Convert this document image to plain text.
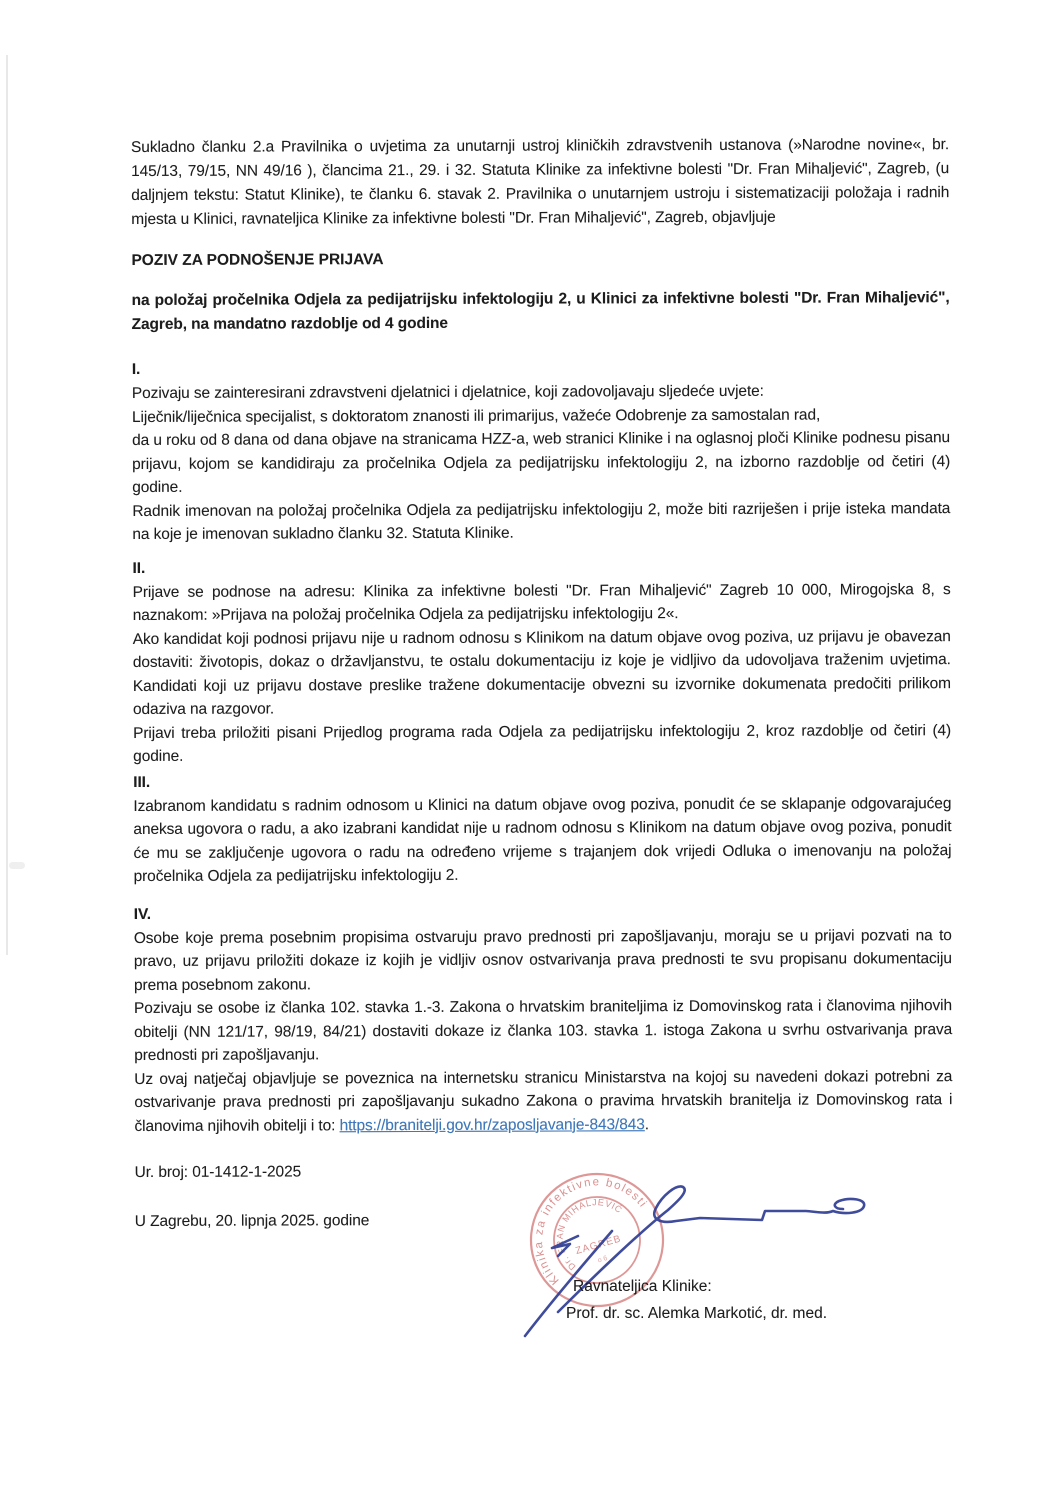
Sukladno članku 2.a Pravilnika o uvjetima za unutarnji ustroj kliničkih zdravstvenih ustanova (»Narodne novine«, br. 145/13, 79/15, NN 49/16 ), člancima 21., 29. i 32. Statuta Klinike za infektivne bolesti "Dr. Fran Mihaljević", Zagreb, (u daljnjem tekstu: Statut Klinike), te članku 6. stavak 2. Pravilnika o unutarnjem ustroju i sistematizaciji položaja i radnih mjesta u Klinici, ravnateljica Klinike za infektivne bolesti "Dr. Fran Mihaljević", Zagreb, objavljuje

POZIV ZA PODNOŠENJE PRIJAVA

na položaj pročelnika Odjela za pedijatrijsku infektologiju 2, u Klinici za infektivne bolesti "Dr. Fran Mihaljević", Zagreb, na mandatno razdoblje od 4 godine

I.

Pozivaju se zainteresirani zdravstveni djelatnici i djelatnice, koji zadovoljavaju sljedeće uvjete:

Liječnik/liječnica specijalist, s doktoratom znanosti ili primarijus, važeće Odobrenje za samostalan rad,

da u roku od 8 dana od dana objave na stranicama HZZ-a, web stranici Klinike i na oglasnoj ploči Klinike podnesu pisanu prijavu, kojom se kandidiraju za pročelnika Odjela za pedijatrijsku infektologiju 2, na izborno razdoblje od četiri (4) godine.

Radnik imenovan na položaj pročelnika Odjela za pedijatrijsku infektologiju 2, može biti razriješen i prije isteka mandata na koje je imenovan sukladno članku 32. Statuta Klinike.

II.

Prijave se podnose na adresu: Klinika za infektivne bolesti "Dr. Fran Mihaljević" Zagreb 10 000, Mirogojska 8, s naznakom: »Prijava na položaj pročelnika Odjela za pedijatrijsku infektologiju 2«.

Ako kandidat koji podnosi prijavu nije u radnom odnosu s Klinikom na datum objave ovog poziva, uz prijavu je obavezan dostaviti: životopis, dokaz o državljanstvu, te ostalu dokumentaciju iz koje je vidljivo da udovoljava traženim uvjetima. Kandidati koji uz prijavu dostave preslike tražene dokumentacije obvezni su izvornike dokumenata predočiti prilikom odaziva na razgovor.

Prijavi treba priložiti pisani Prijedlog programa rada Odjela za pedijatrijsku infektologiju 2, kroz razdoblje od četiri (4) godine.

III.

Izabranom kandidatu s radnim odnosom u Klinici na datum objave ovog poziva, ponudit će se sklapanje odgovarajućeg aneksa ugovora o radu, a ako izabrani kandidat nije u radnom odnosu s Klinikom na datum objave ovog poziva, ponudit će mu se zaključenje ugovora o radu na određeno vrijeme s trajanjem dok vrijedi Odluka o imenovanju na položaj pročelnika Odjela za pedijatrijsku infektologiju 2.

IV.

Osobe koje prema posebnim propisima ostvaruju pravo prednosti pri zapošljavanju, moraju se u prijavi pozvati na to pravo, uz prijavu priložiti dokaze iz kojih je vidljiv osnov ostvarivanja prava prednosti te svu propisanu dokumentaciju prema posebnom zakonu.

Pozivaju se osobe iz članka 102. stavka 1.-3. Zakona o hrvatskim braniteljima iz Domovinskog rata i članovima njihovih obitelji (NN 121/17, 98/19, 84/21) dostaviti dokaze iz članka 103. stavka 1. istoga Zakona u svrhu ostvarivanja prava prednosti pri zapošljavanju.

Uz ovaj natječaj objavljuje se poveznica na internetsku stranicu Ministarstva na kojoj su navedeni dokazi potrebni za ostvarivanje prava prednosti pri zapošljavanju sukadno Zakona o pravima hrvatskih branitelja iz Domovinskog rata i članovima njihovih obitelji i to: https://branitelji.gov.hr/zaposljavanje-843/843.

Ur. broj: 01-1412-1-2025
U Zagrebu, 20. lipnja 2025. godine
Klinika za infektivne bolesti
Dr. FRAN MIHALJEVIĆ
ZAGREB
o 6
Ravnateljica Klinike:
Prof. dr. sc. Alemka Markotić, dr. med.
